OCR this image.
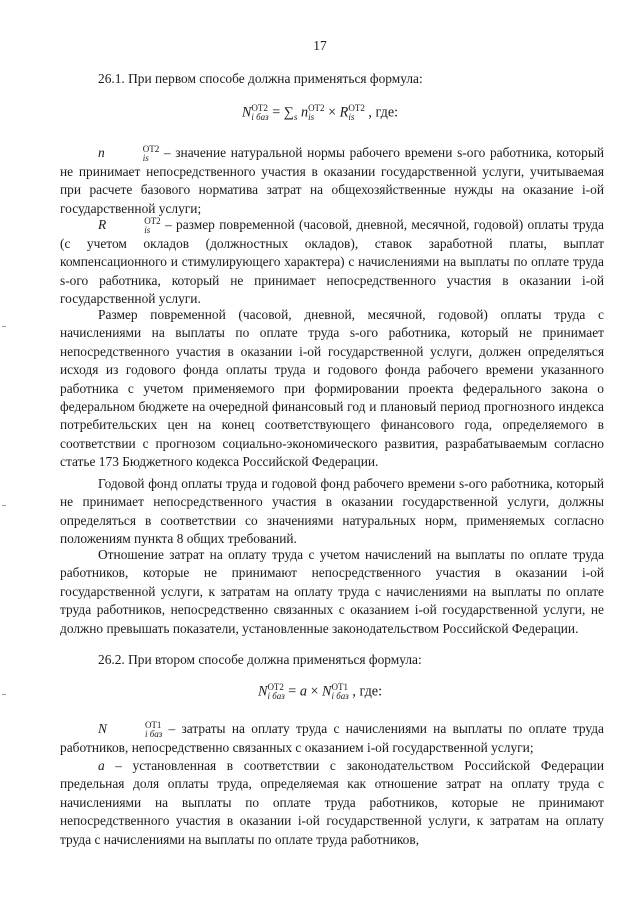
17
26.1. При первом способе должна применяться формула:
N ОТ2
i баз = $\sum_s$ n ОТ2
is × R ОТ2
is , где:
n	ОТ2
is – значение натуральной нормы рабочего времени s-ого работника, который не принимает непосредственного участия в оказании государственной услуги, учитываемая при расчете базового норматива затрат на общехозяйственные нужды на оказание i-ой государственной услуги;
R	ОТ2
is – размер повременной (часовой, дневной, месячной, годовой) оплаты труда (с учетом окладов (должностных окладов), ставок заработной платы, выплат компенсационного и стимулирующего характера) с начислениями на выплаты по оплате труда s-ого работника, который не принимает непосредственного участия в оказании i-ой государственной услуги.
Размер повременной (часовой, дневной, месячной, годовой) оплаты труда с начислениями на выплаты по оплате труда s-ого работника, который не принимает непосредственного участия в оказании i-ой государственной услуги, должен определяться исходя из годового фонда оплаты труда и годового фонда рабочего времени указанного работника с учетом применяемого при формировании проекта федерального закона о федеральном бюджете на очередной финансовый год и плановый период прогнозного индекса потребительских цен на конец соответствующего финансового года, определяемого в соответствии с прогнозом социально-экономического развития, разрабатываемым согласно статье 173 Бюджетного кодекса Российской Федерации.
Годовой фонд оплаты труда и годовой фонд рабочего времени s-ого работника, который не принимает непосредственного участия в оказании государственной услуги, должны определяться в соответствии со значениями натуральных норм, применяемых согласно положениям пункта 8 общих требований.
Отношение затрат на оплату труда с учетом начислений на выплаты по оплате труда работников, которые не принимают непосредственного участия в оказании i-ой государственной услуги, к затратам на оплату труда с начислениями на выплаты по оплате труда работников, непосредственно связанных с оказанием i-ой государственной услуги, не должно превышать показатели, установленные законодательством Российской Федерации.
26.2. При втором способе должна применяться формула:
N ОТ2
i баз = a × N ОТ1
i баз , где:
N	ОТ1
i баз – затраты на оплату труда с начислениями на выплаты по оплате труда работников, непосредственно связанных с оказанием i-ой государственной услуги;
a – установленная в соответствии с законодательством Российской Федерации предельная доля оплаты труда, определяемая как отношение затрат на оплату труда с начислениями на выплаты по оплате труда работников, которые не принимают непосредственного участия в оказании i-ой государственной услуги, к затратам на оплату труда с начислениями на выплаты по оплате труда работников,
